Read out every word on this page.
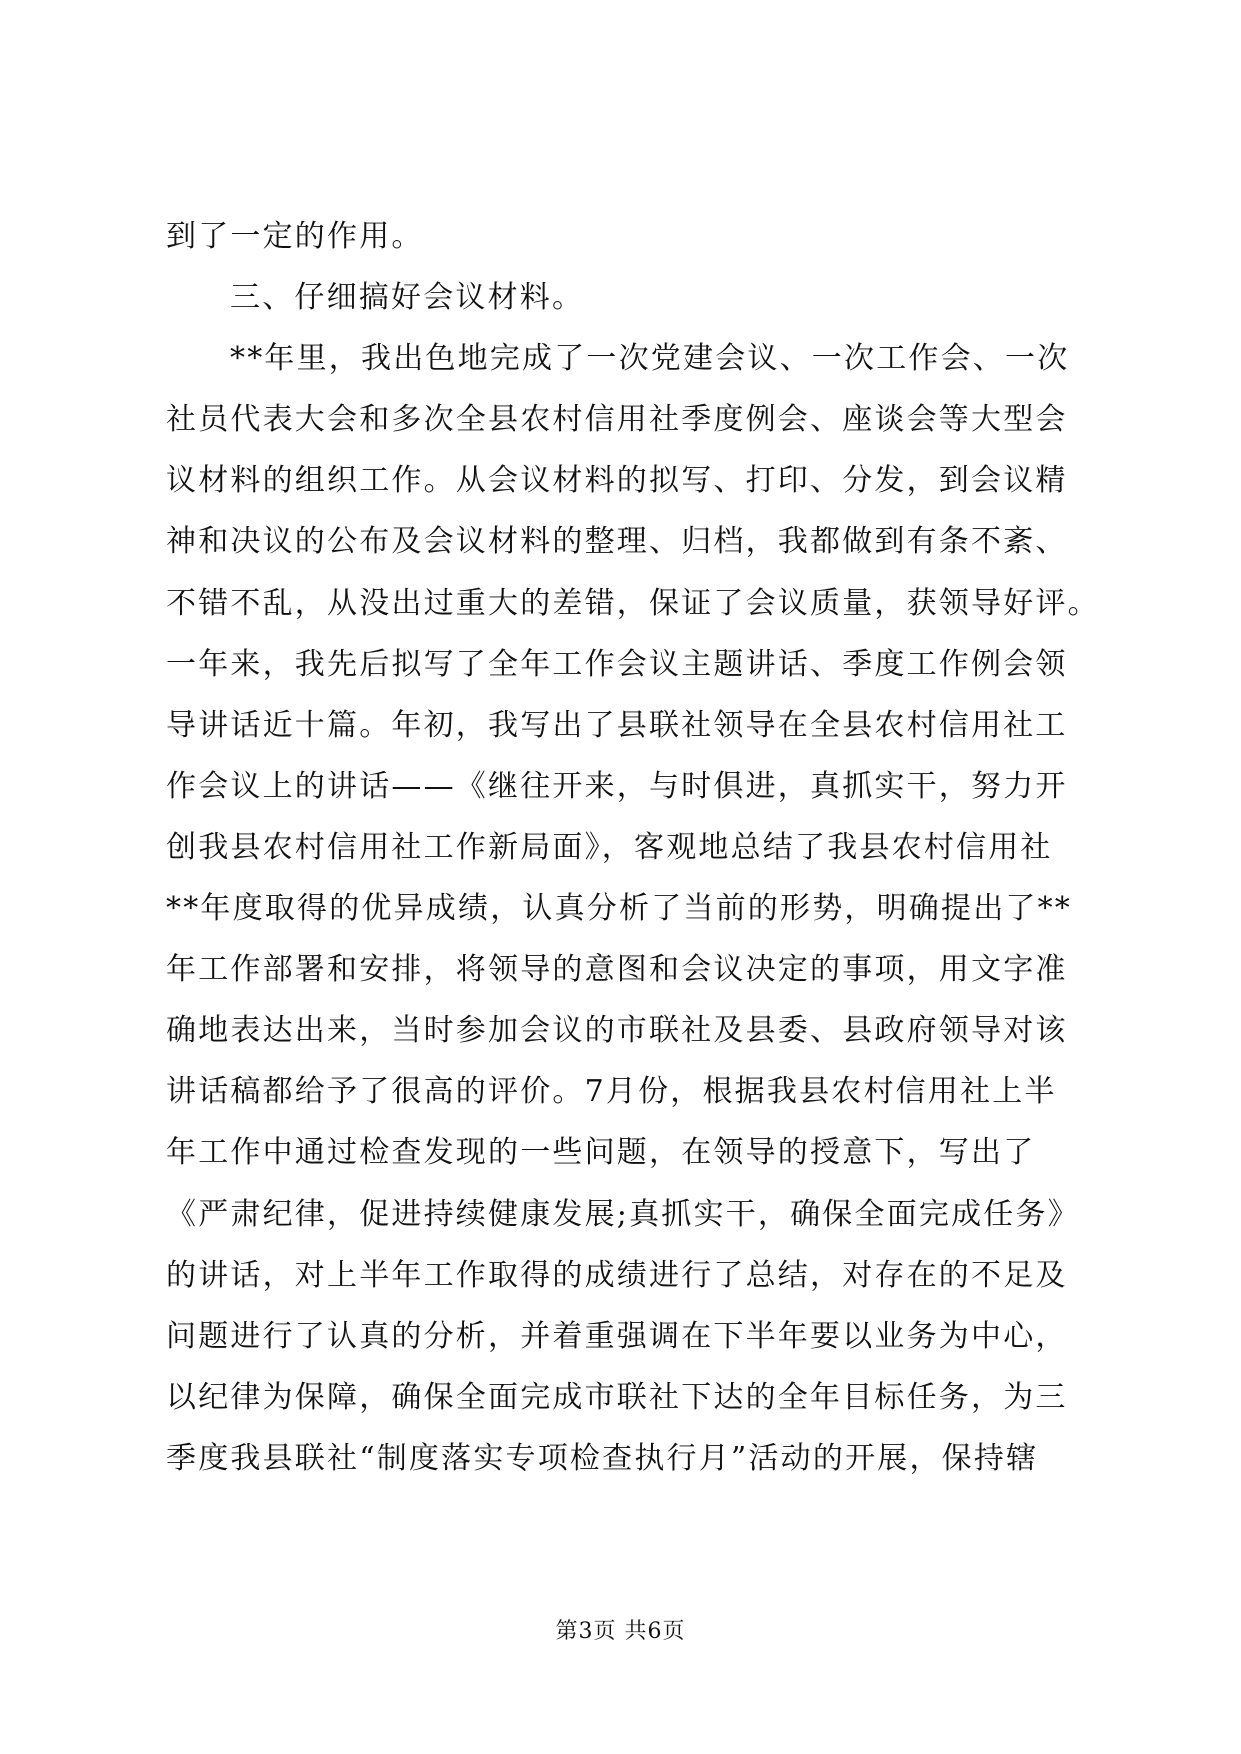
到了一定的作用。
三、仔细搞好会议材料。
**年里，我出色地完成了一次党建会议、一次工作会、一次
社员代表大会和多次全县农村信用社季度例会、座谈会等大型会
议材料的组织工作。从会议材料的拟写、打印、分发，到会议精
神和决议的公布及会议材料的整理、归档，我都做到有条不紊、
不错不乱，从没出过重大的差错，保证了会议质量，获领导好评。
一年来，我先后拟写了全年工作会议主题讲话、季度工作例会领
导讲话近十篇。年初，我写出了县联社领导在全县农村信用社工
作会议上的讲话——《继往开来，与时俱进，真抓实干，努力开
创我县农村信用社工作新局面》，客观地总结了我县农村信用社
**年度取得的优异成绩，认真分析了当前的形势，明确提出了**
年工作部署和安排，将领导的意图和会议决定的事项，用文字准
确地表达出来，当时参加会议的市联社及县委、县政府领导对该
讲话稿都给予了很高的评价。7月份，根据我县农村信用社上半
年工作中通过检查发现的一些问题，在领导的授意下，写出了
《严肃纪律，促进持续健康发展;真抓实干，确保全面完成任务》
的讲话，对上半年工作取得的成绩进行了总结，对存在的不足及
问题进行了认真的分析，并着重强调在下半年要以业务为中心，
以纪律为保障，确保全面完成市联社下达的全年目标任务，为三
季度我县联社“制度落实专项检查执行月”活动的开展，保持辖
第3页 共6页
